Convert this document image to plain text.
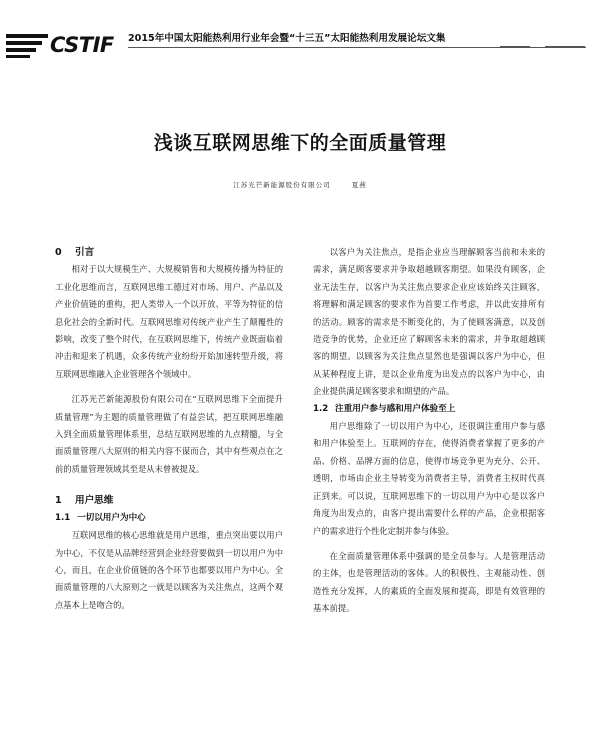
CSTIF 2015年中国太阳能热利用行业年会暨“十三五”太阳能热利用发展论坛文集
浅谈互联网思维下的全面质量管理
江苏光芒新能源股份有限公司	夏燕
0 引言

相对于以大规模生产、大规模销售和大规模传播为特征的工业化思维而言，互联网思维工德过对市场、用户、产品以及产业价值链的重构，把人类带入一个以开放、平等为特征的信息化社会的全新时代。互联网思维对传统产业产生了颠覆性的影响，改变了整个时代，在互联网思维下，传统产业既面临着冲击和迎来了机遇，众多传统产业纷纷开始加速转型升级，将互联网思维融入企业管理各个领域中。

江苏光芒新能源股份有限公司在“互联网思维下全面提升质量管理”为主题的质量管理做了有益尝试，把互联网思维融入到全面质量管理体系里，总结互联网思维的九点精髓，与全面质量管理八大原则的相关内容不谋而合，其中有些观点在之前的质量管理领域其至是从未曾被提及。

1 用户思维
1.1 一切以用户为中心

互联网思维的核心思维就是用户思维，重点突出要以用户为中心，不仅是从品牌经营到企业经营要做到一切以用户为中心，而且，在企业价值链的各个环节也都要以用户为中心。全面质量管理的八大原则之一就是以顾客为关注焦点，这两个观点基本上是吻合的。

以客户为关注焦点，是指企业应当理解顾客当前和未来的需求，满足顾客要求并争取超越顾客期望。如果没有顾客，企业无法生存，以客户为关注焦点要求企业应该始终关注顾客，将理解和满足顾客的要求作为首要工作考虑，并以此安排所有的活动。顾客的需求是不断变化的，为了使顾客满意，以及创造竞争的优势，企业还应了解顾客未来的需求，并争取超越顾客的期望。以顾客为关注焦点显然也是强调以客户为中心，但从某种程度上讲，是以企业角度为出发点的以客户为中心，由企业提供满足顾客要求和期望的产品。

1.2 注重用户参与感和用户体验至上

用户思维除了一切以用户为中心，还很调注重用户参与感和用户体验至上。互联网的存在，使得消费者掌握了更多的产品、价格、品牌方面的信息，使得市场竞争更为充分、公开、透明，市场由企业主导转变为消费者主导，消费者主权时代真正到来。可以说，互联网思维下的一切以用户为中心是以客户角度为出发点的，由客户提出需要什么样的产品，企业根据客户的需求进行个性化定制并参与体验。

在全面质量管理体系中强调的是全员参与。人是管理活动的主体，也是管理活动的客体。人的积极性、主观能动性、创造性充分发挥，人的素质的全面发展和提高，即是有效管理的基本前提。
